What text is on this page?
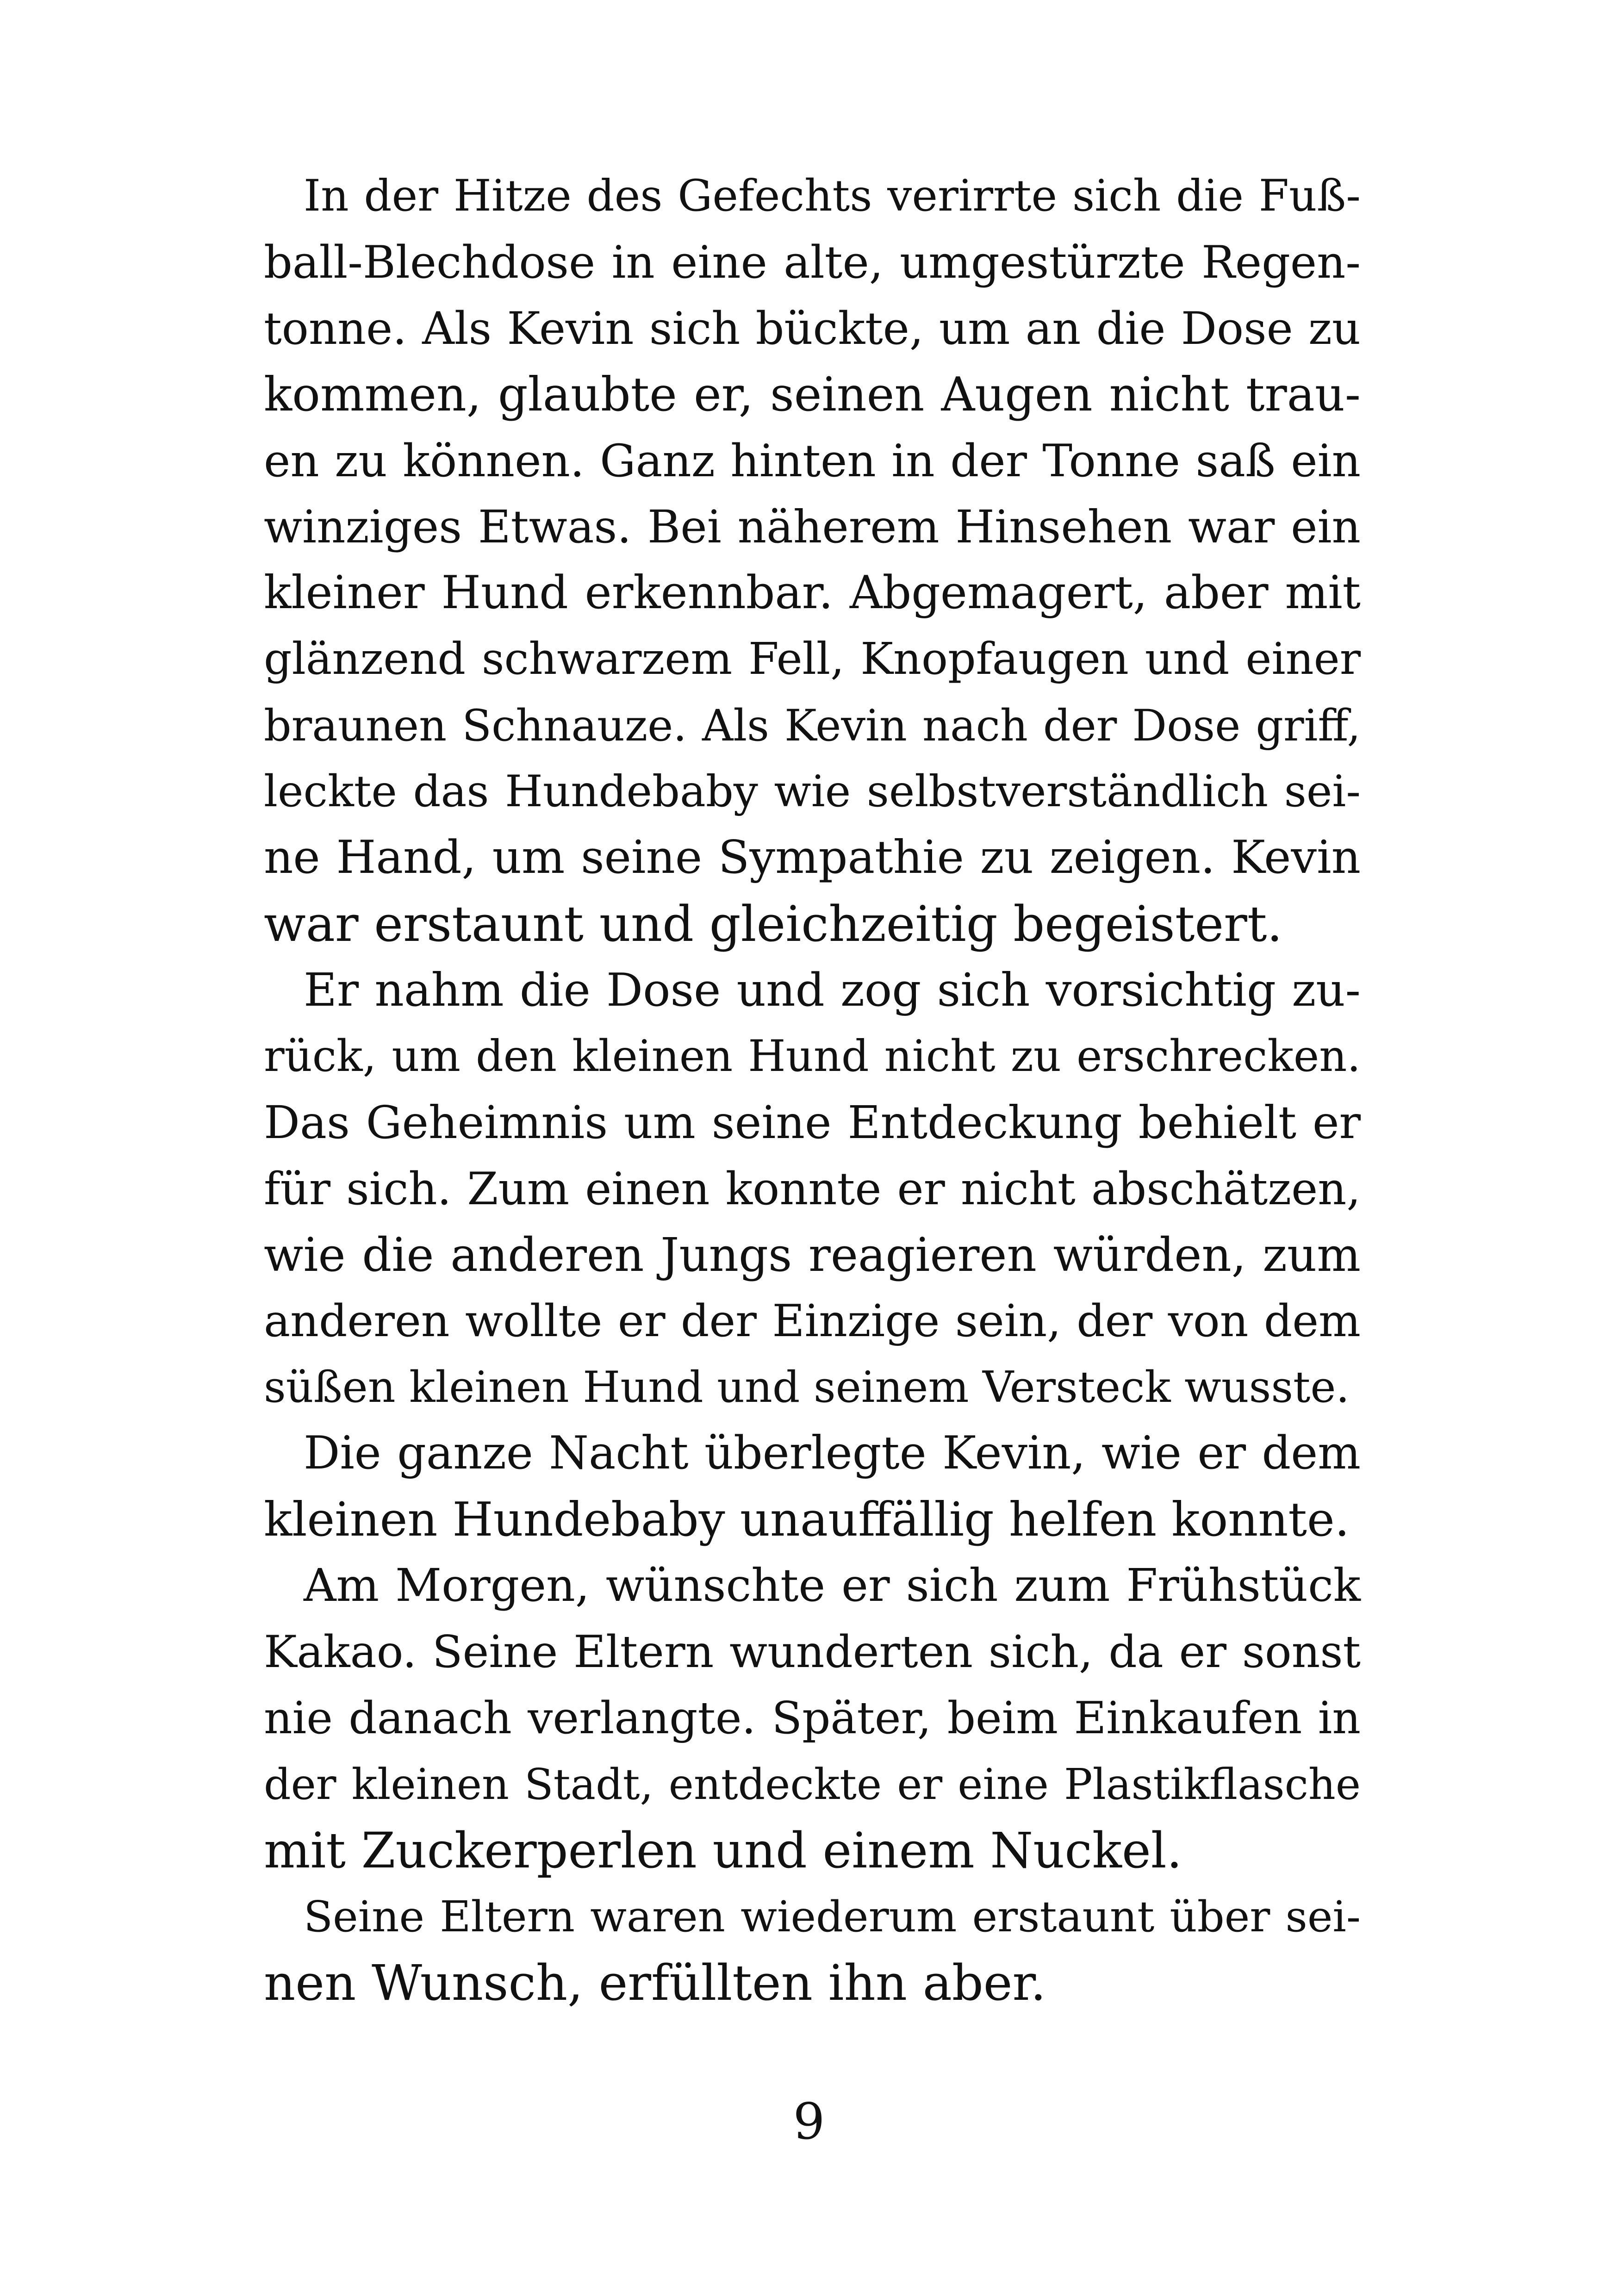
In der Hitze des Gefechts verirrte sich die Fuß-
ball-Blechdose in eine alte, umgestürzte Regen-
tonne. Als Kevin sich bückte, um an die Dose zu
kommen, glaubte er, seinen Augen nicht trau-
en zu können. Ganz hinten in der Tonne saß ein
winziges Etwas. Bei näherem Hinsehen war ein
kleiner Hund erkennbar. Abgemagert, aber mit
glänzend schwarzem Fell, Knopfaugen und einer
braunen Schnauze. Als Kevin nach der Dose griff,
leckte das Hundebaby wie selbstverständlich sei-
ne Hand, um seine Sympathie zu zeigen. Kevin
war erstaunt und gleichzeitig begeistert.
Er nahm die Dose und zog sich vorsichtig zu-
rück, um den kleinen Hund nicht zu erschrecken.
Das Geheimnis um seine Entdeckung behielt er
für sich. Zum einen konnte er nicht abschätzen,
wie die anderen Jungs reagieren würden, zum
anderen wollte er der Einzige sein, der von dem
süßen kleinen Hund und seinem Versteck wusste.
Die ganze Nacht überlegte Kevin, wie er dem
kleinen Hundebaby unauffällig helfen konnte.
Am Morgen, wünschte er sich zum Frühstück
Kakao. Seine Eltern wunderten sich, da er sonst
nie danach verlangte. Später, beim Einkaufen in
der kleinen Stadt, entdeckte er eine Plastikflasche
mit Zuckerperlen und einem Nuckel.
Seine Eltern waren wiederum erstaunt über sei-
nen Wunsch, erfüllten ihn aber.
9
